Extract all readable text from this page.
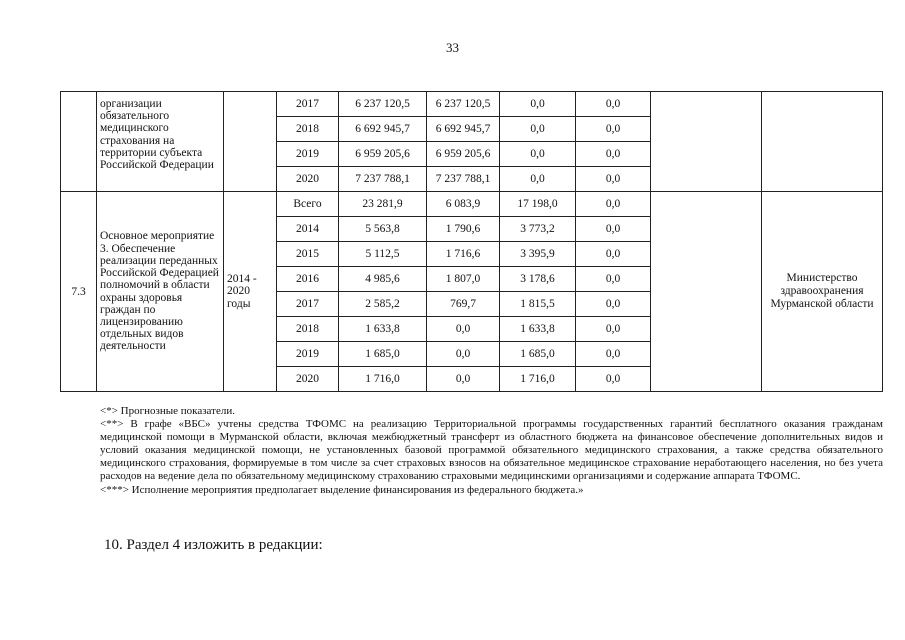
33
	организации обязательного медицинского страхования на территории субъекта Российской Федерации		2017	6 237 120,5	6 237 120,5	0,0	0,0		
			2018	6 692 945,7	6 692 945,7	0,0	0,0		
			2019	6 959 205,6	6 959 205,6	0,0	0,0		
			2020	7 237 788,1	7 237 788,1	0,0	0,0		
7.3	Основное мероприятие 3. Обеспечение реализации переданных Российской Федерацией полномочий в области охраны здоровья граждан по лицензированию отдельных видов деятельности	2014 - 2020 годы	Всего	23 281,9	6 083,9	17 198,0	0,0		Министерство здравоохранения Мурманской области
			2014	5 563,8	1 790,6	3 773,2	0,0		
			2015	5 112,5	1 716,6	3 395,9	0,0		
			2016	4 985,6	1 807,0	3 178,6	0,0		
			2017	2 585,2	769,7	1 815,5	0,0		
			2018	1 633,8	0,0	1 633,8	0,0		
			2019	1 685,0	0,0	1 685,0	0,0		
			2020	1 716,0	0,0	1 716,0	0,0		

<*> Прогнозные показатели.

<**> В графе «ВБС» учтены средства ТФОМС на реализацию Территориальной программы государственных гарантий бесплатного оказания гражданам медицинской помощи в Мурманской области, включая межбюджетный трансферт из областного бюджета на финансовое обеспечение дополнительных видов и условий оказания медицинской помощи, не установленных базовой программой обязательного медицинского страхования, а также средства обязательного медицинского страхования, формируемые в том числе за счет страховых взносов на обязательное медицинское страхование неработающего населения, но без учета расходов на ведение дела по обязательному медицинскому страхованию страховыми медицинскими организациями и содержание аппарата ТФОМС.

<***> Исполнение мероприятия предполагает выделение финансирования из федерального бюджета.»

10. Раздел 4 изложить в редакции:
